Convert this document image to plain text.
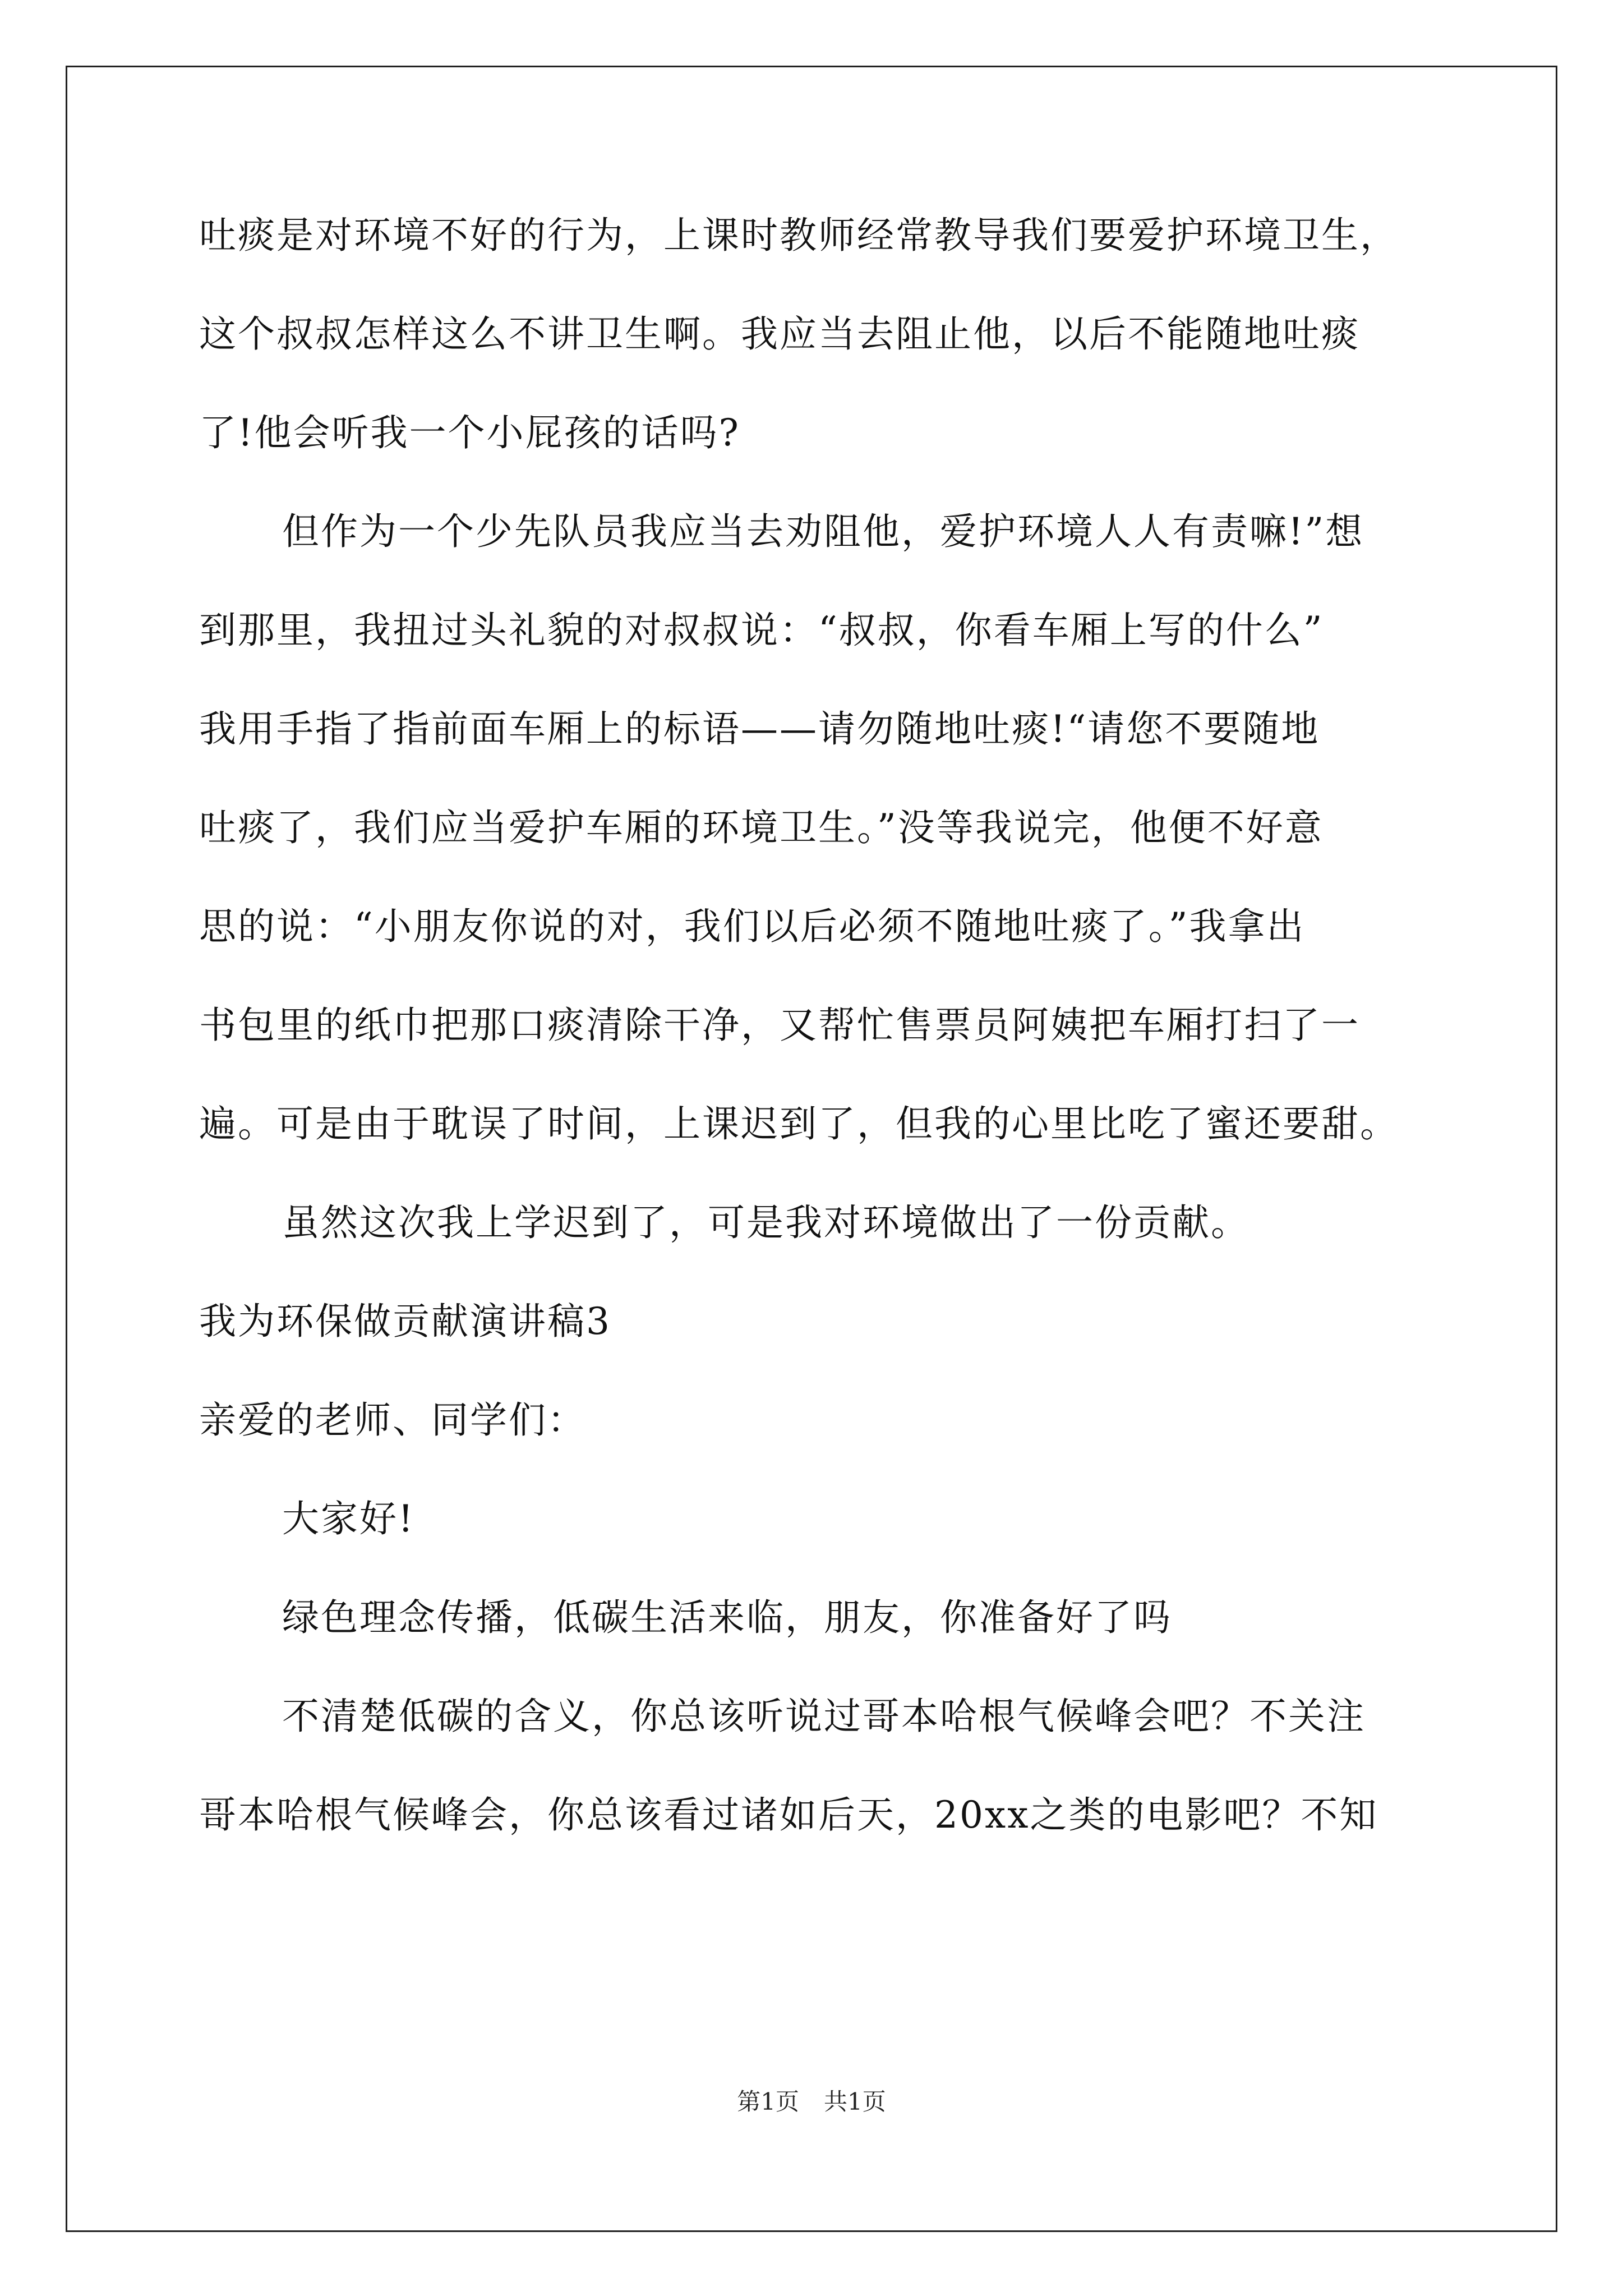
吐痰是对环境不好的行为，上课时教师经常教导我们要爱护环境卫生，
这个叔叔怎样这么不讲卫生啊。我应当去阻止他，以后不能随地吐痰
了!他会听我一个小屁孩的话吗?
但作为一个少先队员我应当去劝阻他，爱护环境人人有责嘛!”想
到那里，我扭过头礼貌的对叔叔说：“叔叔，你看车厢上写的什么”
我用手指了指前面车厢上的标语——请勿随地吐痰!“请您不要随地
吐痰了，我们应当爱护车厢的环境卫生。”没等我说完，他便不好意
思的说：“小朋友你说的对，我们以后必须不随地吐痰了。”我拿出
书包里的纸巾把那口痰清除干净，又帮忙售票员阿姨把车厢打扫了一
遍。可是由于耽误了时间，上课迟到了，但我的心里比吃了蜜还要甜。
虽然这次我上学迟到了，可是我对环境做出了一份贡献。
我为环保做贡献演讲稿3
亲爱的老师、同学们：
大家好!
绿色理念传播，低碳生活来临，朋友，你准备好了吗
不清楚低碳的含义，你总该听说过哥本哈根气候峰会吧？不关注
哥本哈根气候峰会，你总该看过诸如后天，20xx之类的电影吧？不知
第1页 共1页
